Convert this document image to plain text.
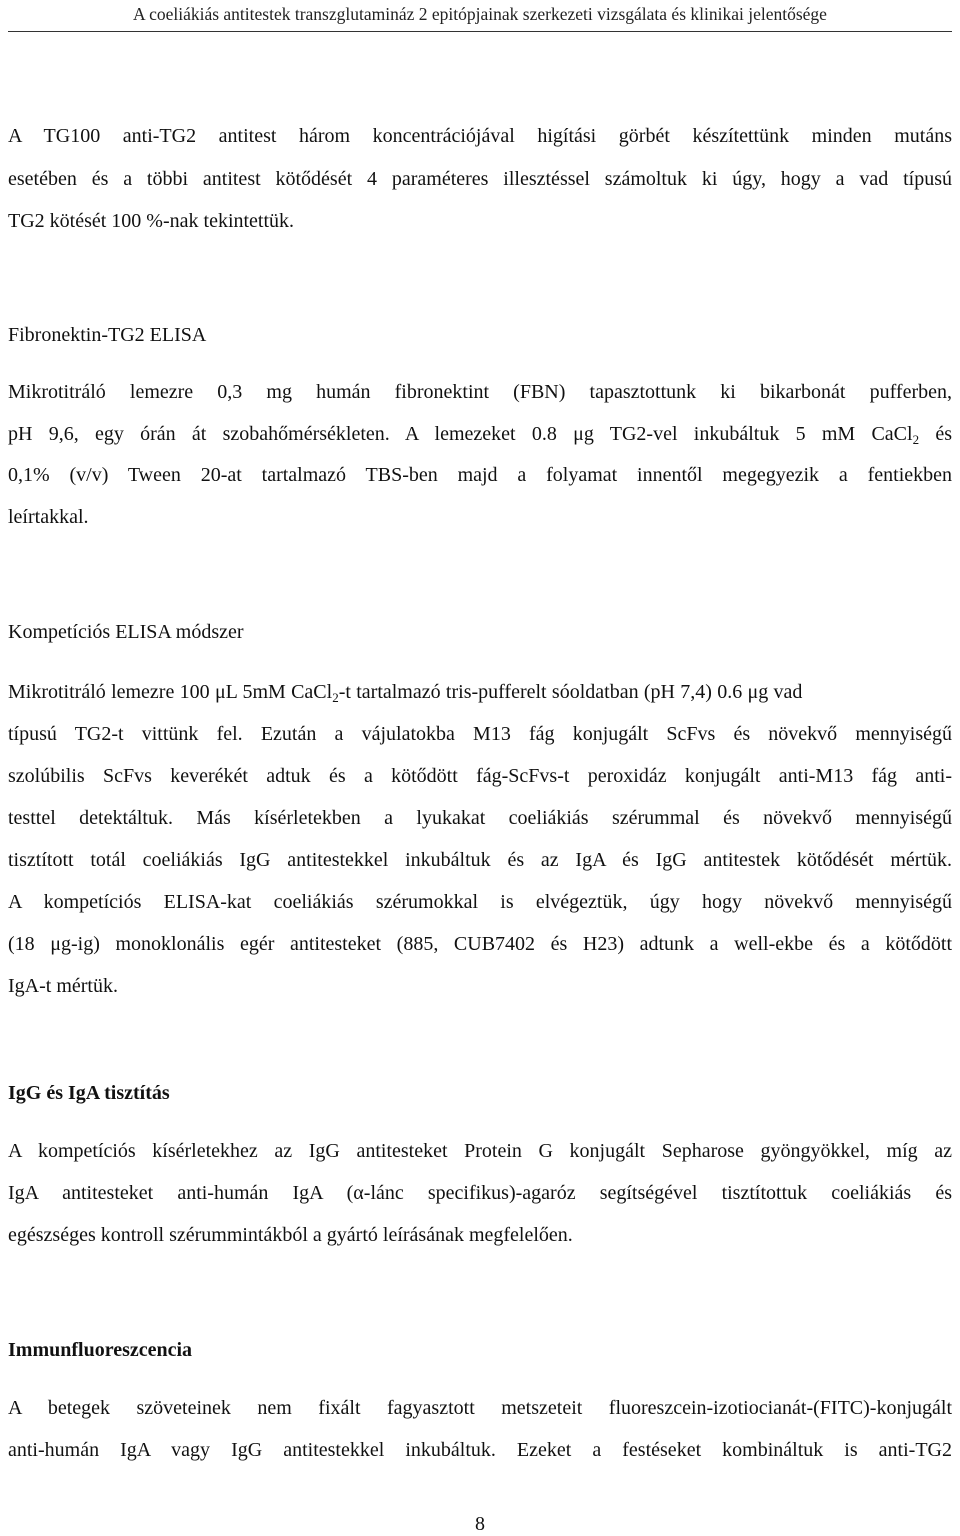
A coeliákiás antitestek transzglutamináz 2 epitópjainak szerkezeti vizsgálata és klinikai jelentősége
A TG100 anti-TG2 antitest három koncentrációjával higítási görbét készítettünk minden mutáns
esetében és a többi antitest kötődését 4 paraméteres illesztéssel számoltuk ki úgy, hogy a vad típusú
TG2 kötését 100 %-nak tekintettük.
Fibronektin-TG2 ELISA
Mikrotitráló lemezre 0,3 mg humán fibronektint (FBN) tapasztottunk ki bikarbonát pufferben,
pH 9,6, egy órán át szobahőmérsékleten. A lemezeket 0.8 μg TG2-vel inkubáltuk 5 mM CaCl$_2$ és
0,1% (v/v) Tween 20-at tartalmazó TBS-ben majd a folyamat innentől megegyezik a fentiekben
leírtakkal.
Kompetíciós ELISA módszer
Mikrotitráló lemezre 100 μL 5mM CaCl$_2$-t tartalmazó tris-pufferelt sóoldatban (pH 7,4) 0.6 μg vad
típusú TG2-t vittünk fel. Ezután a vájulatokba M13 fág konjugált ScFvs és növekvő mennyiségű
szolúbilis ScFvs keverékét adtuk és a kötődött fág-ScFvs-t peroxidáz konjugált anti-M13 fág anti-
testtel detektáltuk. Más kísérletekben a lyukakat coeliákiás szérummal és növekvő mennyiségű
tisztított totál coeliákiás IgG antitestekkel inkubáltuk és az IgA és IgG antitestek kötődését mértük.
A kompetíciós ELISA-kat coeliákiás szérumokkal is elvégeztük, úgy hogy növekvő mennyiségű
(18 μg-ig) monoklonális egér antitesteket (885, CUB7402 és H23) adtunk a well-ekbe és a kötődött
IgA-t mértük.
IgG és IgA tisztítás
A kompetíciós kísérletekhez az IgG antitesteket Protein G konjugált Sepharose gyöngyökkel, míg az
IgA antitesteket anti-humán IgA (α-lánc specifikus)-agaróz segítségével tisztítottuk coeliákiás és
egészséges kontroll szérummintákból a gyártó leírásának megfelelően.
Immunfluoreszcencia
A betegek szöveteinek nem fixált fagyasztott metszeteit fluoreszcein-izotiocianát-(FITC)-konjugált
anti-humán IgA vagy IgG antitestekkel inkubáltuk. Ezeket a festéseket kombináltuk is anti-TG2
8
